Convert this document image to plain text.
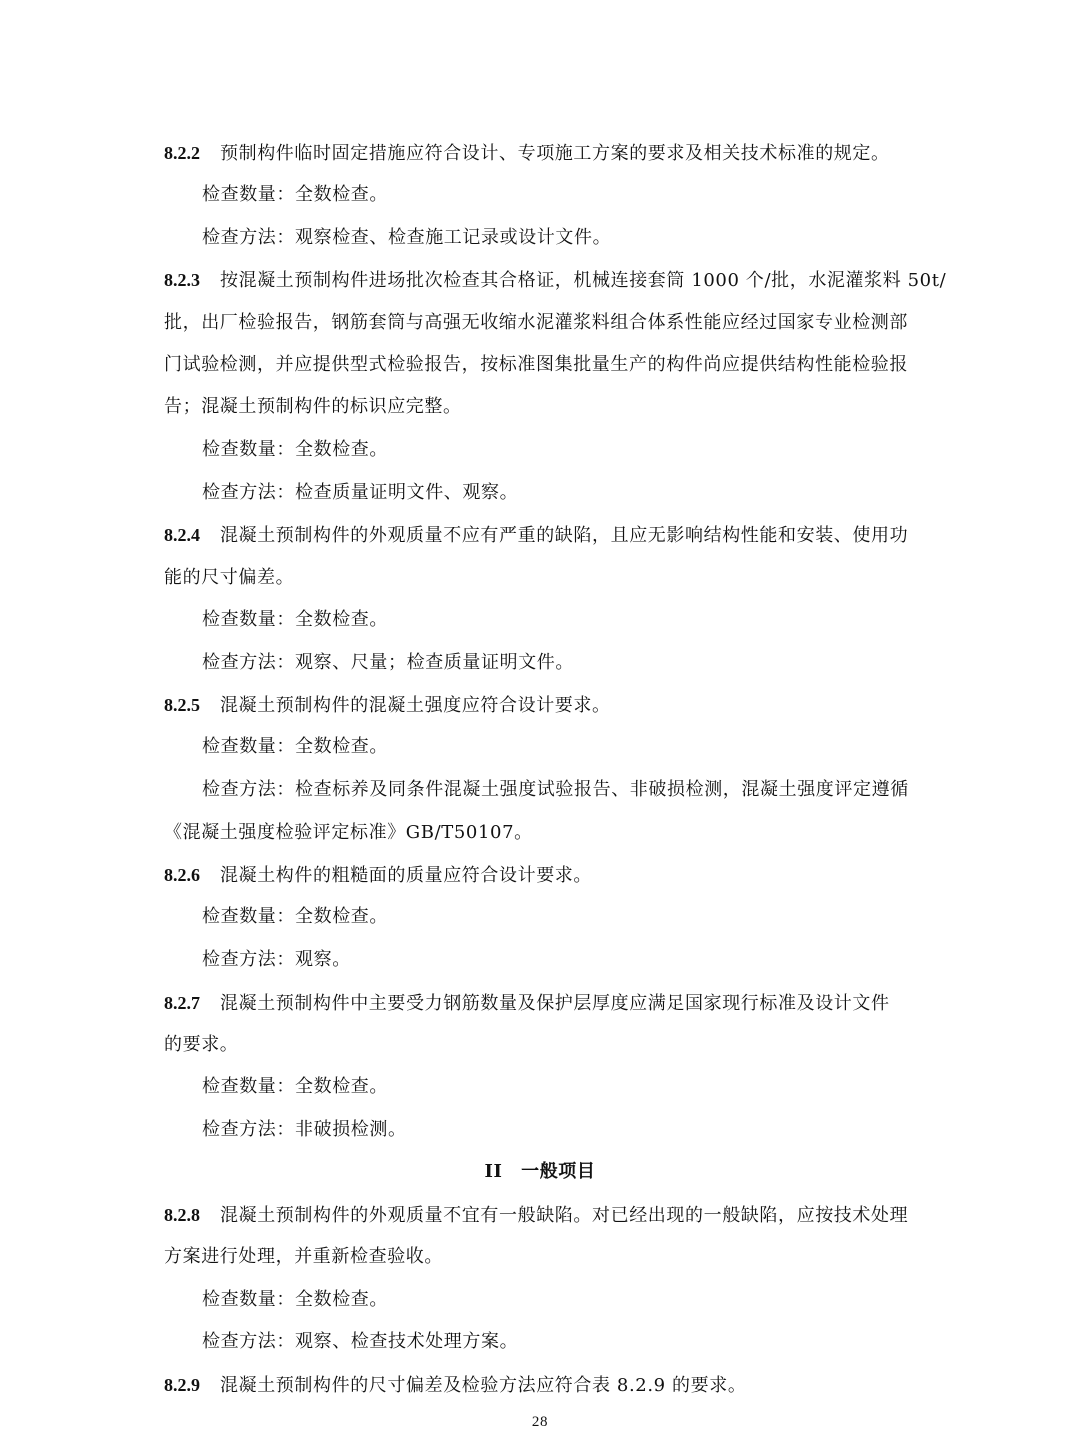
8.2.2 预制构件临时固定措施应符合设计、专项施工方案的要求及相关技术标准的规定。
检查数量：全数检查。
检查方法：观察检查、检查施工记录或设计文件。
8.2.3 按混凝土预制构件进场批次检查其合格证，机械连接套筒 1000 个/批，水泥灌浆料 50t/
批，出厂检验报告，钢筋套筒与高强无收缩水泥灌浆料组合体系性能应经过国家专业检测部
门试验检测，并应提供型式检验报告，按标准图集批量生产的构件尚应提供结构性能检验报
告；混凝土预制构件的标识应完整。
检查数量：全数检查。
检查方法：检查质量证明文件、观察。
8.2.4 混凝土预制构件的外观质量不应有严重的缺陷，且应无影响结构性能和安装、使用功
能的尺寸偏差。
检查数量：全数检查。
检查方法：观察、尺量；检查质量证明文件。
8.2.5 混凝土预制构件的混凝土强度应符合设计要求。
检查数量：全数检查。
检查方法：检查标养及同条件混凝土强度试验报告、非破损检测，混凝土强度评定遵循
《混凝土强度检验评定标准》GB/T50107。
8.2.6 混凝土构件的粗糙面的质量应符合设计要求。
检查数量：全数检查。
检查方法：观察。
8.2.7 混凝土预制构件中主要受力钢筋数量及保护层厚度应满足国家现行标准及设计文件
的要求。
检查数量：全数检查。
检查方法：非破损检测。
II　一般项目
8.2.8 混凝土预制构件的外观质量不宜有一般缺陷。对已经出现的一般缺陷，应按技术处理
方案进行处理，并重新检查验收。
检查数量：全数检查。
检查方法：观察、检查技术处理方案。
8.2.9 混凝土预制构件的尺寸偏差及检验方法应符合表 8.2.9 的要求。
28
